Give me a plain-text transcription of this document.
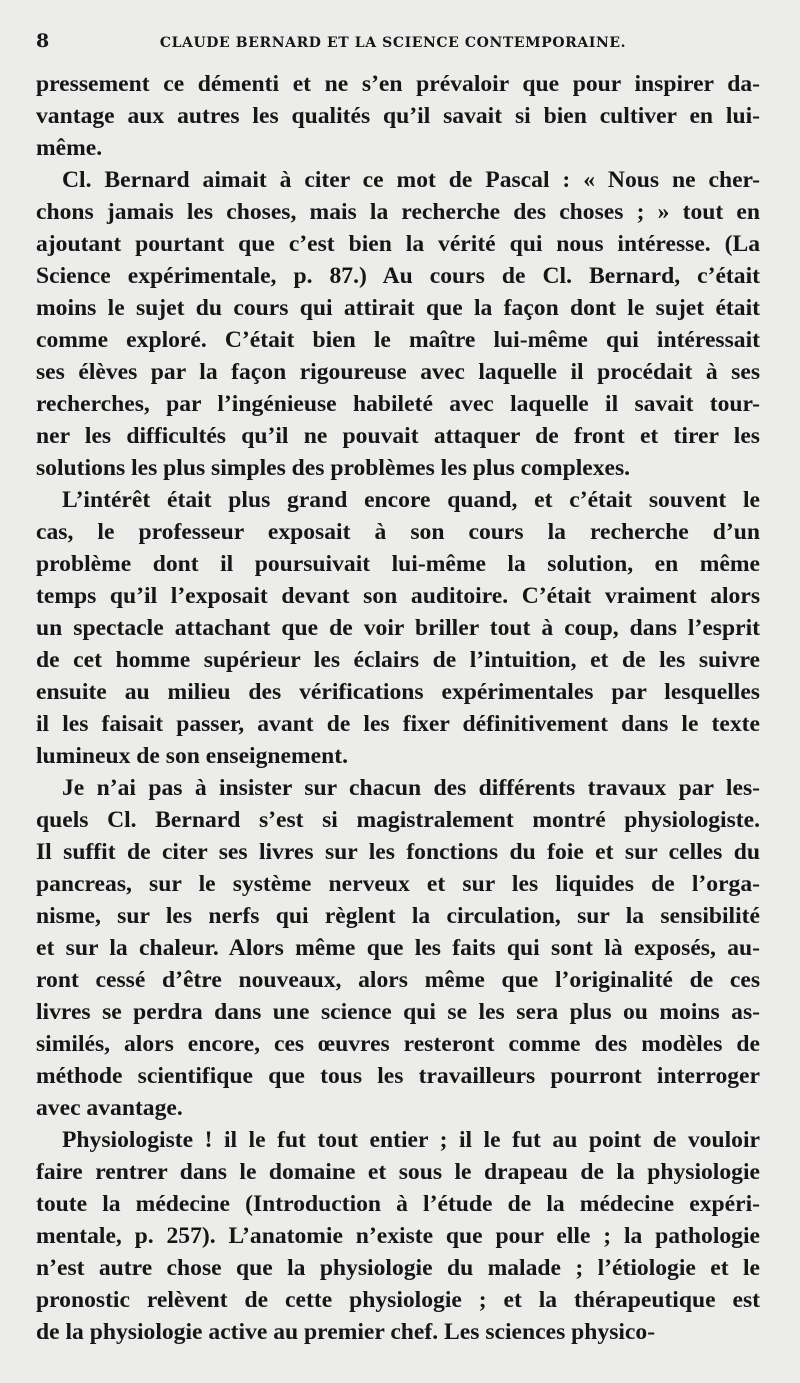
8	CLAUDE BERNARD ET LA SCIENCE CONTEMPORAINE.

pressement ce démenti et ne s’en prévaloir que pour inspirer da-
vantage aux autres les qualités qu’il savait si bien cultiver en lui-
même.

Cl. Bernard aimait à citer ce mot de Pascal : « Nous ne cher-
chons jamais les choses, mais la recherche des choses ; » tout en
ajoutant pourtant que c’est bien la vérité qui nous intéresse. (La
Science expérimentale, p. 87.) Au cours de Cl. Bernard, c’était
moins le sujet du cours qui attirait que la façon dont le sujet était
comme exploré. C’était bien le maître lui-même qui intéressait
ses élèves par la façon rigoureuse avec laquelle il procédait à ses
recherches, par l’ingénieuse habileté avec laquelle il savait tour-
ner les difficultés qu’il ne pouvait attaquer de front et tirer les
solutions les plus simples des problèmes les plus complexes.

L’intérêt était plus grand encore quand, et c’était souvent le
cas, le professeur exposait à son cours la recherche d’un
problème dont il poursuivait lui-même la solution, en même
temps qu’il l’exposait devant son auditoire. C’était vraiment alors
un spectacle attachant que de voir briller tout à coup, dans l’esprit
de cet homme supérieur les éclairs de l’intuition, et de les suivre
ensuite au milieu des vérifications expérimentales par lesquelles
il les faisait passer, avant de les fixer définitivement dans le texte
lumineux de son enseignement.

Je n’ai pas à insister sur chacun des différents travaux par les-
quels Cl. Bernard s’est si magistralement montré physiologiste.
Il suffit de citer ses livres sur les fonctions du foie et sur celles du
pancreas, sur le système nerveux et sur les liquides de l’orga-
nisme, sur les nerfs qui règlent la circulation, sur la sensibilité
et sur la chaleur. Alors même que les faits qui sont là exposés, au-
ront cessé d’être nouveaux, alors même que l’originalité de ces
livres se perdra dans une science qui se les sera plus ou moins as-
similés, alors encore, ces œuvres resteront comme des modèles de
méthode scientifique que tous les travailleurs pourront interroger
avec avantage.

Physiologiste ! il le fut tout entier ; il le fut au point de vouloir
faire rentrer dans le domaine et sous le drapeau de la physiologie
toute la médecine (Introduction à l’étude de la médecine expéri-
mentale, p. 257). L’anatomie n’existe que pour elle ; la pathologie
n’est autre chose que la physiologie du malade ; l’étiologie et le
pronostic relèvent de cette physiologie ; et la thérapeutique est
de la physiologie active au premier chef. Les sciences physico-
